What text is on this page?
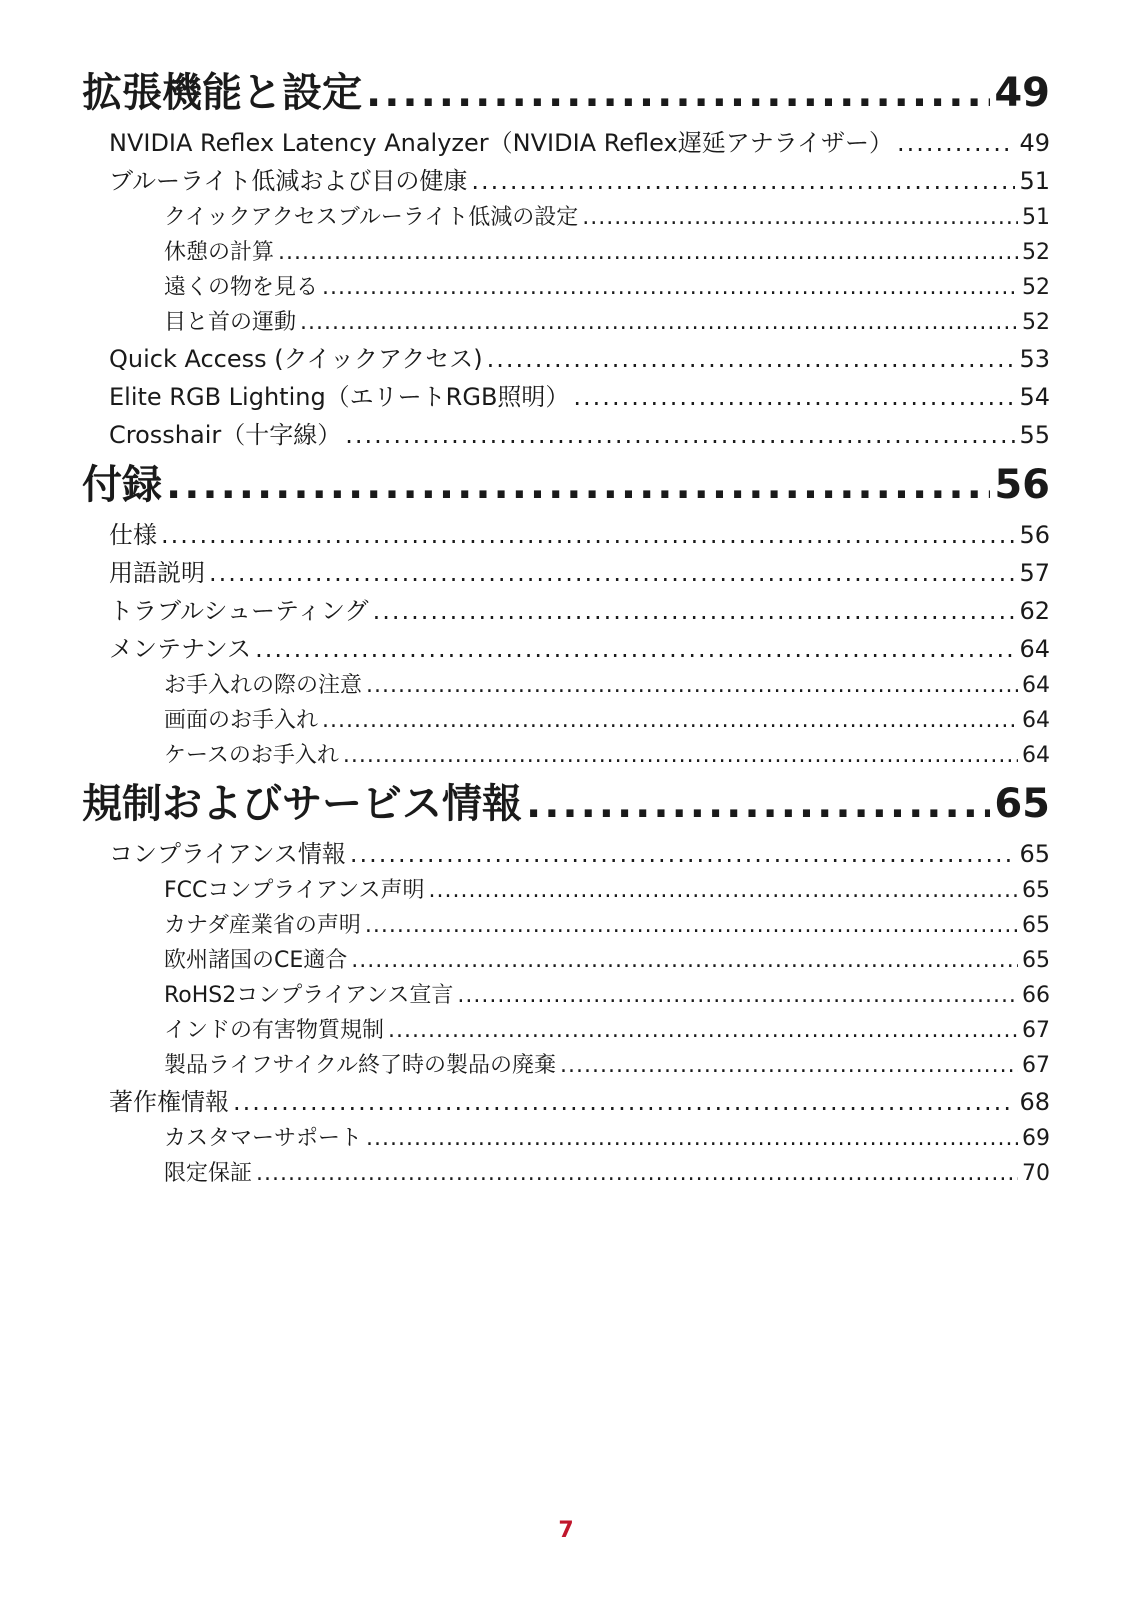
拡張機能と設定 .....	49
NVIDIA Reflex Latency Analyzer（NVIDIA Reflex遅延アナライザー） .....	49
ブルーライト低減および目の健康 .....	51
クイックアクセスブルーライト低減の設定 .....	51
休憩の計算 .....	52
遠くの物を見る .....	52
目と首の運動 .....	52
Quick Access (クイックアクセス) .....	53
Elite RGB Lighting（エリートRGB照明） .....	54
Crosshair（十字線） .....	55
付録 .....	56
仕様 .....	56
用語説明 .....	57
トラブルシューティング .....	62
メンテナンス .....	64
お手入れの際の注意 .....	64
画面のお手入れ .....	64
ケースのお手入れ .....	64
規制およびサービス情報 .....	65
コンプライアンス情報 .....	65
FCCコンプライアンス声明 .....	65
カナダ産業省の声明 .....	65
欧州諸国のCE適合 .....	65
RoHS2コンプライアンス宣言 .....	66
インドの有害物質規制 .....	67
製品ライフサイクル終了時の製品の廃棄 .....	67
著作権情報 .....	68
カスタマーサポート .....	69
限定保証 .....	70
7
